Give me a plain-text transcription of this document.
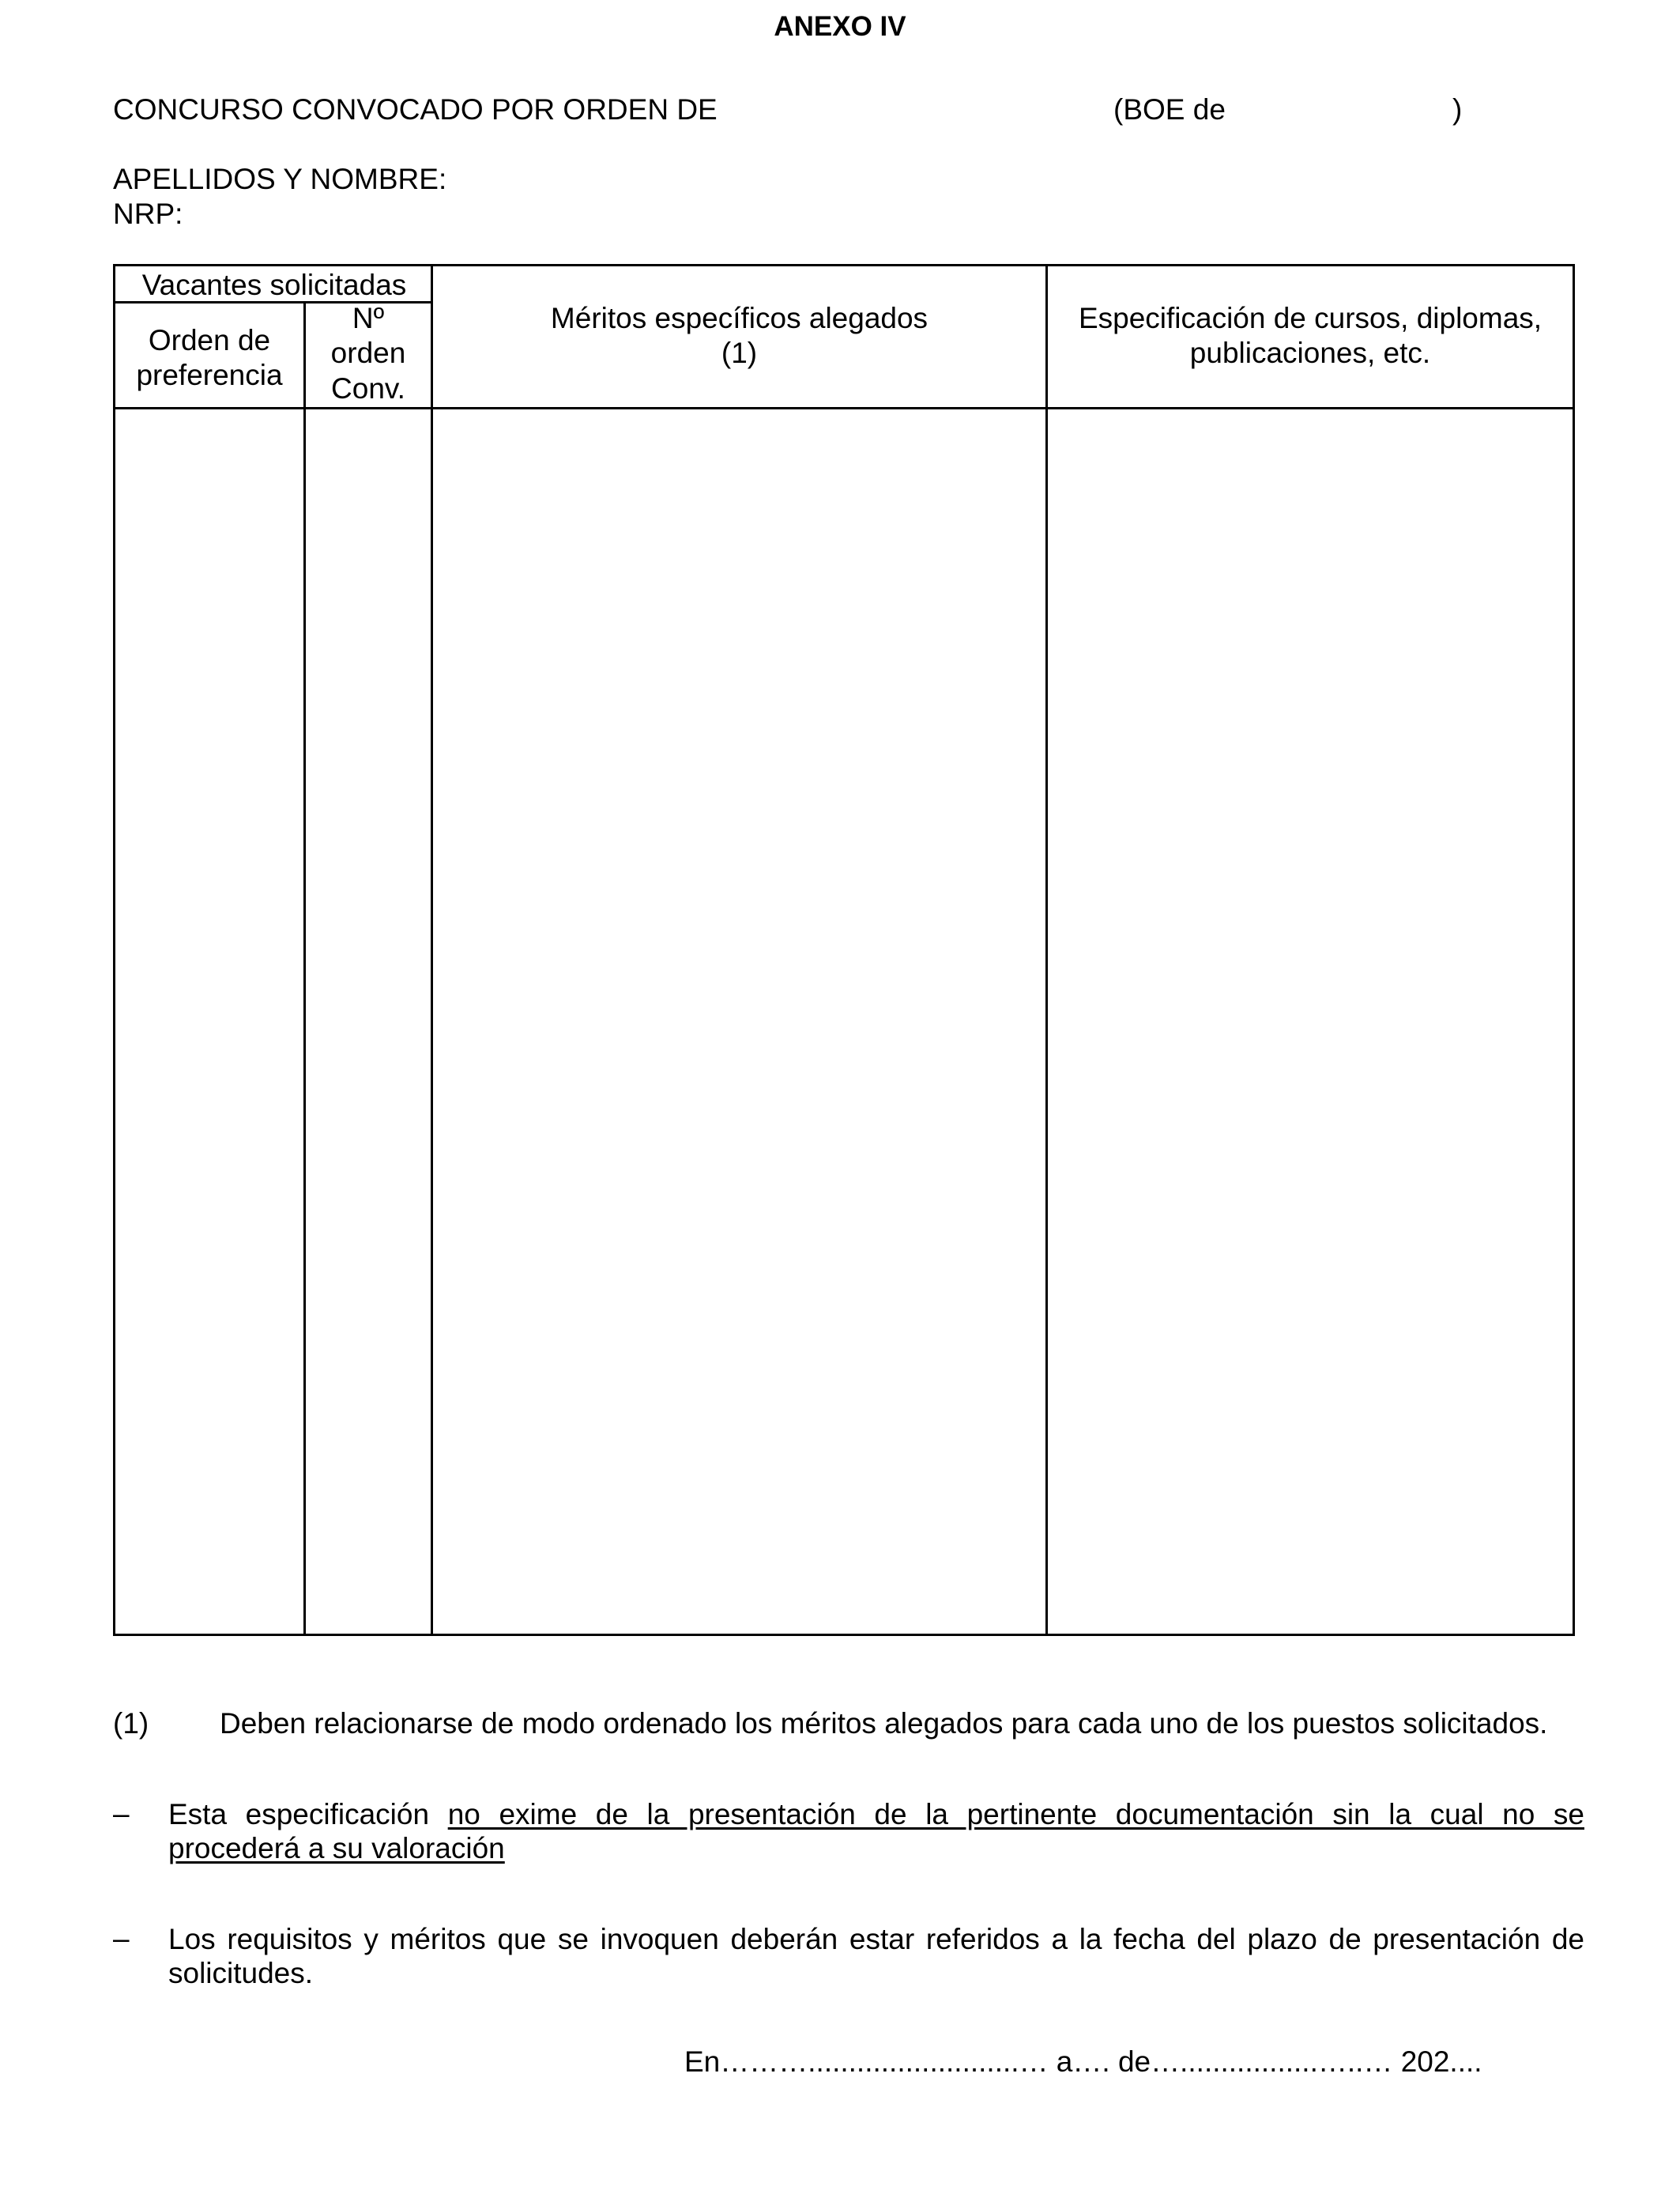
ANEXO IV
CONCURSO CONVOCADO POR ORDEN DE	(BOE de	)
APELLIDOS Y NOMBRE:
NRP:
Vacantes solicitadas
Orden de
preferencia
Nº
orden
Conv.
Méritos específicos alegados
(1)
Especificación de cursos, diplomas,
publicaciones, etc.
(1) Deben relacionarse de modo ordenado los méritos alegados para cada uno de los puestos solicitados.
– Esta especificación no exime de la presentación de la pertinente documentación sin la cual no se
procederá a su valoración
– Los requisitos y méritos que se invoquen deberán estar referidos a la fecha del plazo de presentación de
solicitudes.
En………..........................… a…. de….................…..… 202....
